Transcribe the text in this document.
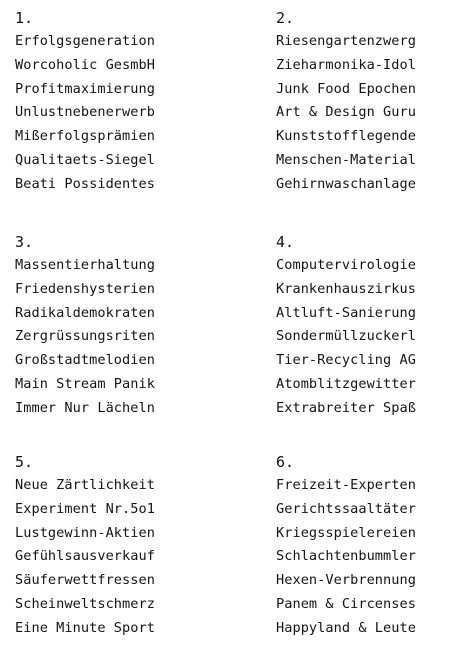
1.
Erfolgsgeneration
Worcoholic GesmbH
Profitmaximierung
Unlustnebenerwerb
Mißerfolgsprämien
Qualitaets-Siegel
Beati Possidentes
2.
Riesengartenzwerg
Zieharmonika-Idol
Junk Food Epochen
Art & Design Guru
Kunststofflegende
Menschen-Material
Gehirnwaschanlage
3.
Massentierhaltung
Friedenshysterien
Radikaldemokraten
Zergrüssungsriten
Großstadtmelodien
Main Stream Panik
Immer Nur Lächeln
4.
Computervirologie
Krankenhauszirkus
Altluft-Sanierung
Sondermüllzuckerl
Tier-Recycling AG
Atomblitzgewitter
Extrabreiter Spaß
5.
Neue Zärtlichkeit
Experiment Nr.5o1
Lustgewinn-Aktien
Gefühlsausverkauf
Säuferwettfressen
Scheinweltschmerz
Eine Minute Sport
6.
Freizeit-Experten
Gerichtssaaltäter
Kriegsspielereien
Schlachtenbummler
Hexen-Verbrennung
Panem & Circenses
Happyland & Leute
